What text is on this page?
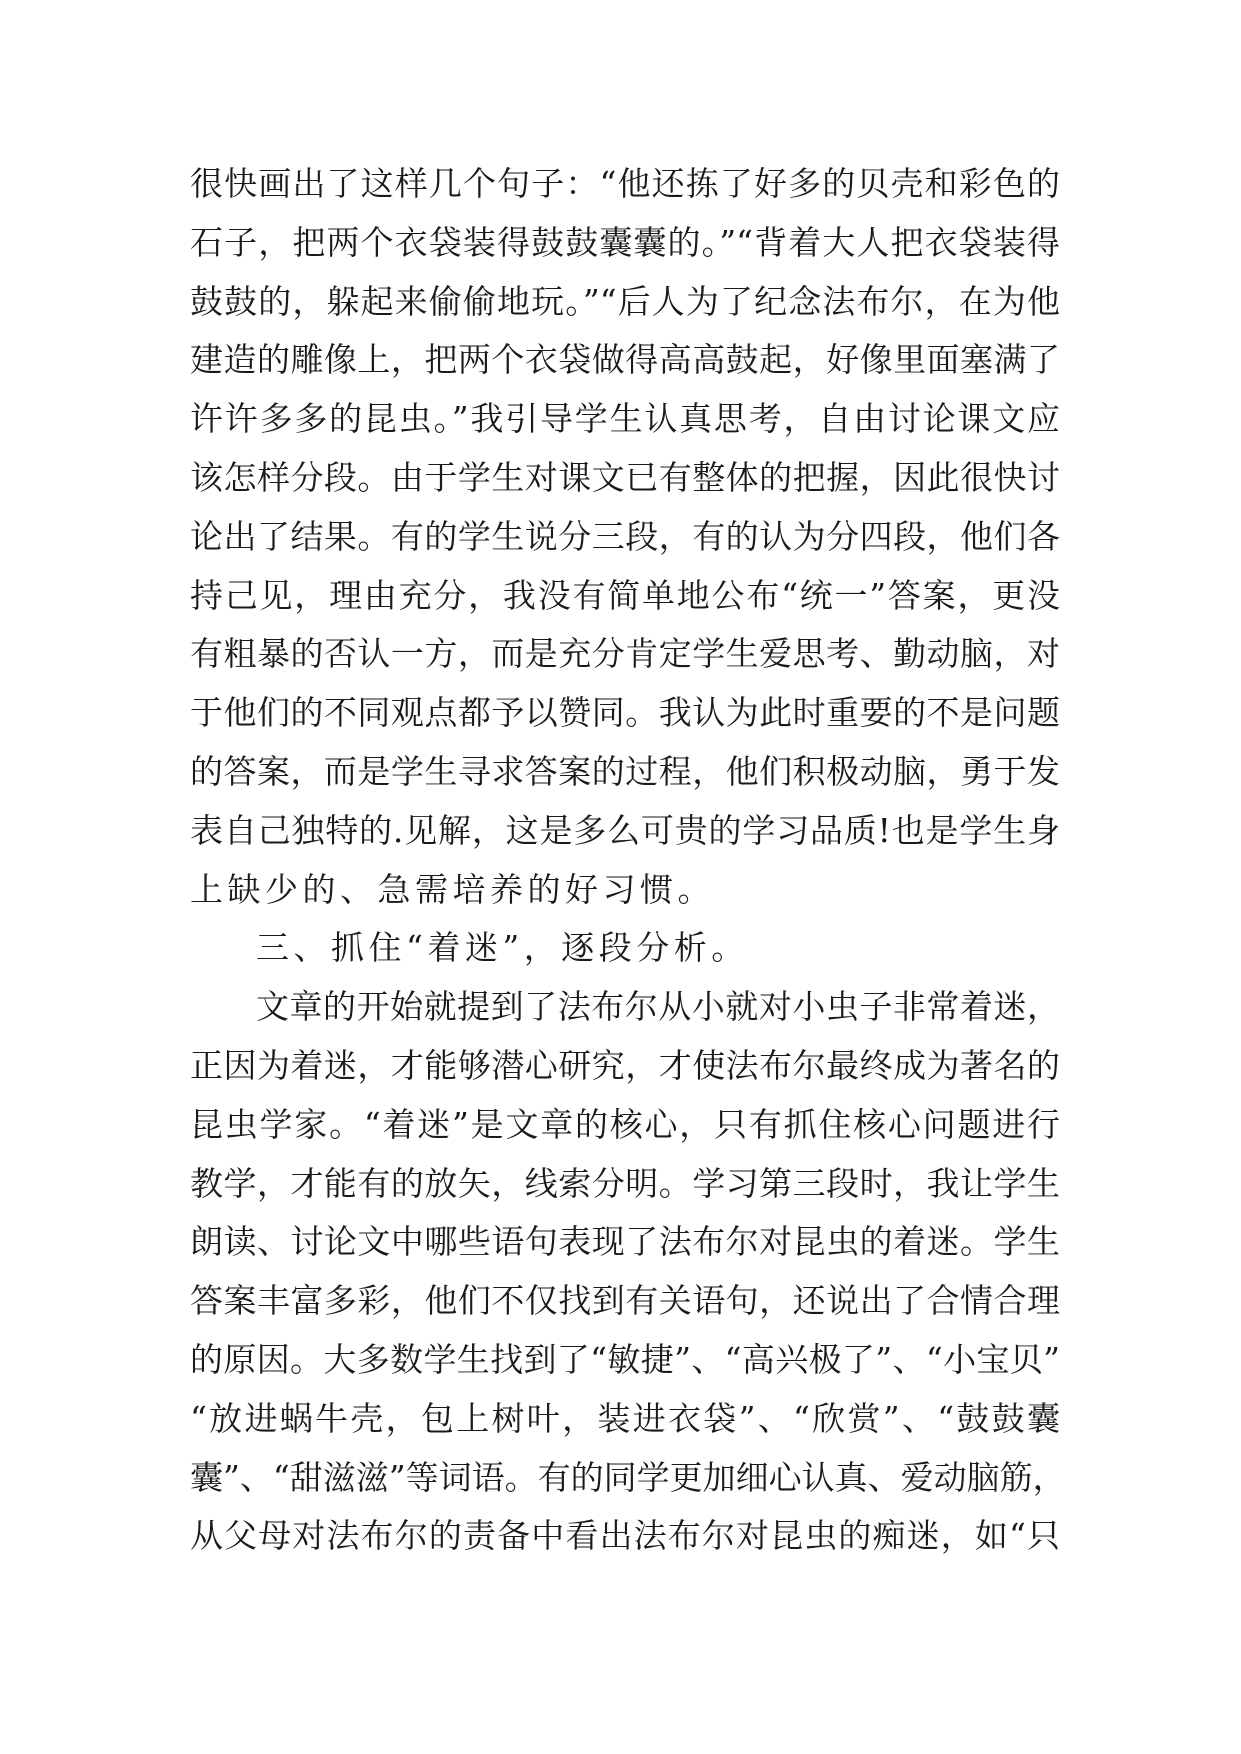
很快画出了这样几个句子：“他还拣了好多的贝壳和彩色的
石子，把两个衣袋装得鼓鼓囊囊的。”“背着大人把衣袋装得
鼓鼓的，躲起来偷偷地玩。”“后人为了纪念法布尔，在为他
建造的雕像上，把两个衣袋做得高高鼓起，好像里面塞满了
许许多多的昆虫。”我引导学生认真思考，自由讨论课文应
该怎样分段。由于学生对课文已有整体的把握，因此很快讨
论出了结果。有的学生说分三段，有的认为分四段，他们各
持己见，理由充分，我没有简单地公布“统一”答案，更没
有粗暴的否认一方，而是充分肯定学生爱思考、勤动脑，对
于他们的不同观点都予以赞同。我认为此时重要的不是问题
的答案，而是学生寻求答案的过程，他们积极动脑，勇于发
表自己独特的.见解，这是多么可贵的学习品质!也是学生身
上缺少的、急需培养的好习惯。
三、抓住“着迷”，逐段分析。
文章的开始就提到了法布尔从小就对小虫子非常着迷，
正因为着迷，才能够潜心研究，才使法布尔最终成为著名的
昆虫学家。“着迷”是文章的核心，只有抓住核心问题进行
教学，才能有的放矢，线索分明。学习第三段时，我让学生
朗读、讨论文中哪些语句表现了法布尔对昆虫的着迷。学生
答案丰富多彩，他们不仅找到有关语句，还说出了合情合理
的原因。大多数学生找到了“敏捷”、“高兴极了”、“小宝贝”
“放进蜗牛壳，包上树叶，装进衣袋”、“欣赏”、“鼓鼓囊
囊”、“甜滋滋”等词语。有的同学更加细心认真、爱动脑筋，
从父母对法布尔的责备中看出法布尔对昆虫的痴迷，如“只
